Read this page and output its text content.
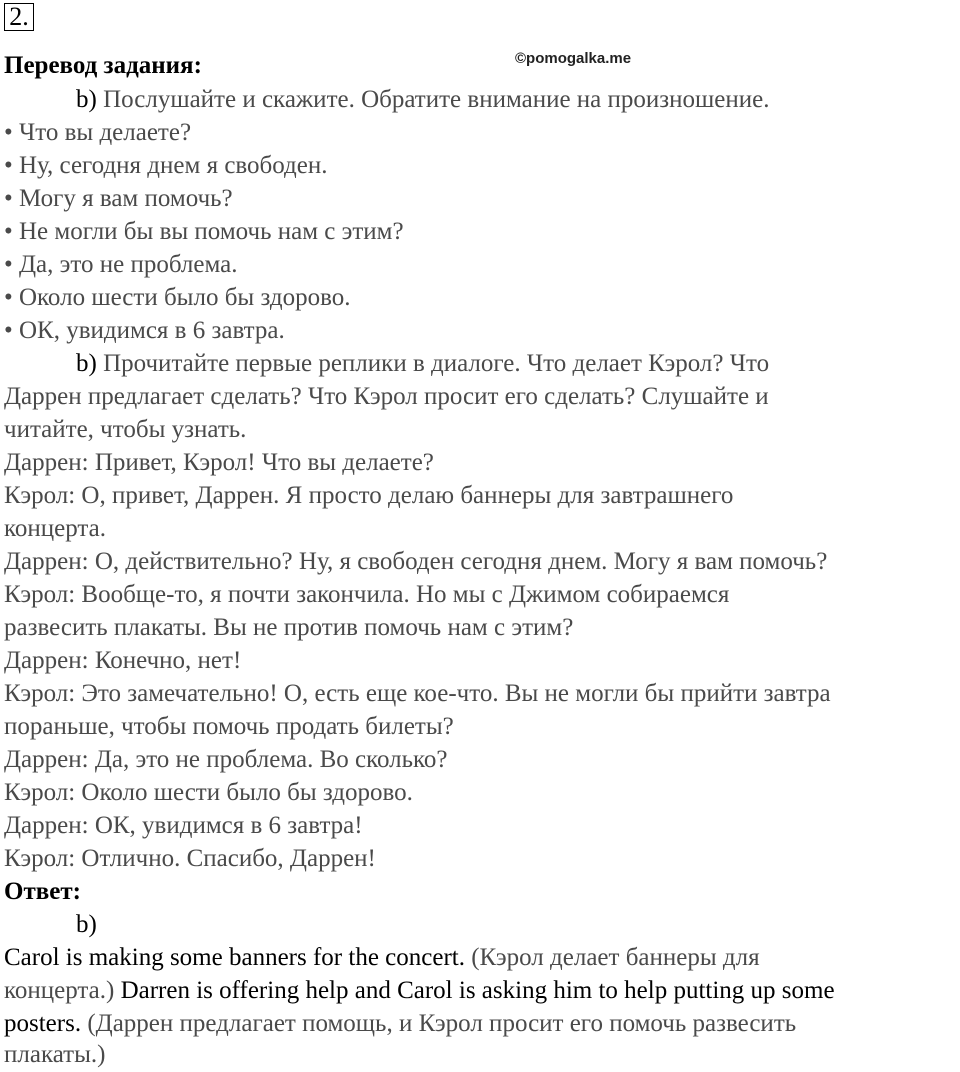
2.
©pomogalka.me
Перевод задания:
b) Послушайте и скажите. Обратите внимание на произношение.
• Что вы делаете?
• Ну, сегодня днем я свободен.
• Могу я вам помочь?
• Не могли бы вы помочь нам с этим?
• Да, это не проблема.
• Около шести было бы здорово.
• ОК, увидимся в 6 завтра.
b) Прочитайте первые реплики в диалоге. Что делает Кэрол? Что
Даррен предлагает сделать? Что Кэрол просит его сделать? Слушайте и
читайте, чтобы узнать.
Даррен: Привет, Кэрол! Что вы делаете?
Кэрол: О, привет, Даррен. Я просто делаю баннеры для завтрашнего
концерта.
Даррен: О, действительно? Ну, я свободен сегодня днем. Могу я вам помочь?
Кэрол: Вообще-то, я почти закончила. Но мы с Джимом собираемся
развесить плакаты. Вы не против помочь нам с этим?
Даррен: Конечно, нет!
Кэрол: Это замечательно! О, есть еще кое-что. Вы не могли бы прийти завтра
пораньше, чтобы помочь продать билеты?
Даррен: Да, это не проблема. Во сколько?
Кэрол: Около шести было бы здорово.
Даррен: ОК, увидимся в 6 завтра!
Кэрол: Отлично. Спасибо, Даррен!
Ответ:
b)
Carol is making some banners for the concert. (Кэрол делает баннеры для
концерта.) Darren is offering help and Carol is asking him to help putting up some
posters. (Даррен предлагает помощь, и Кэрол просит его помочь развесить
плакаты.)
